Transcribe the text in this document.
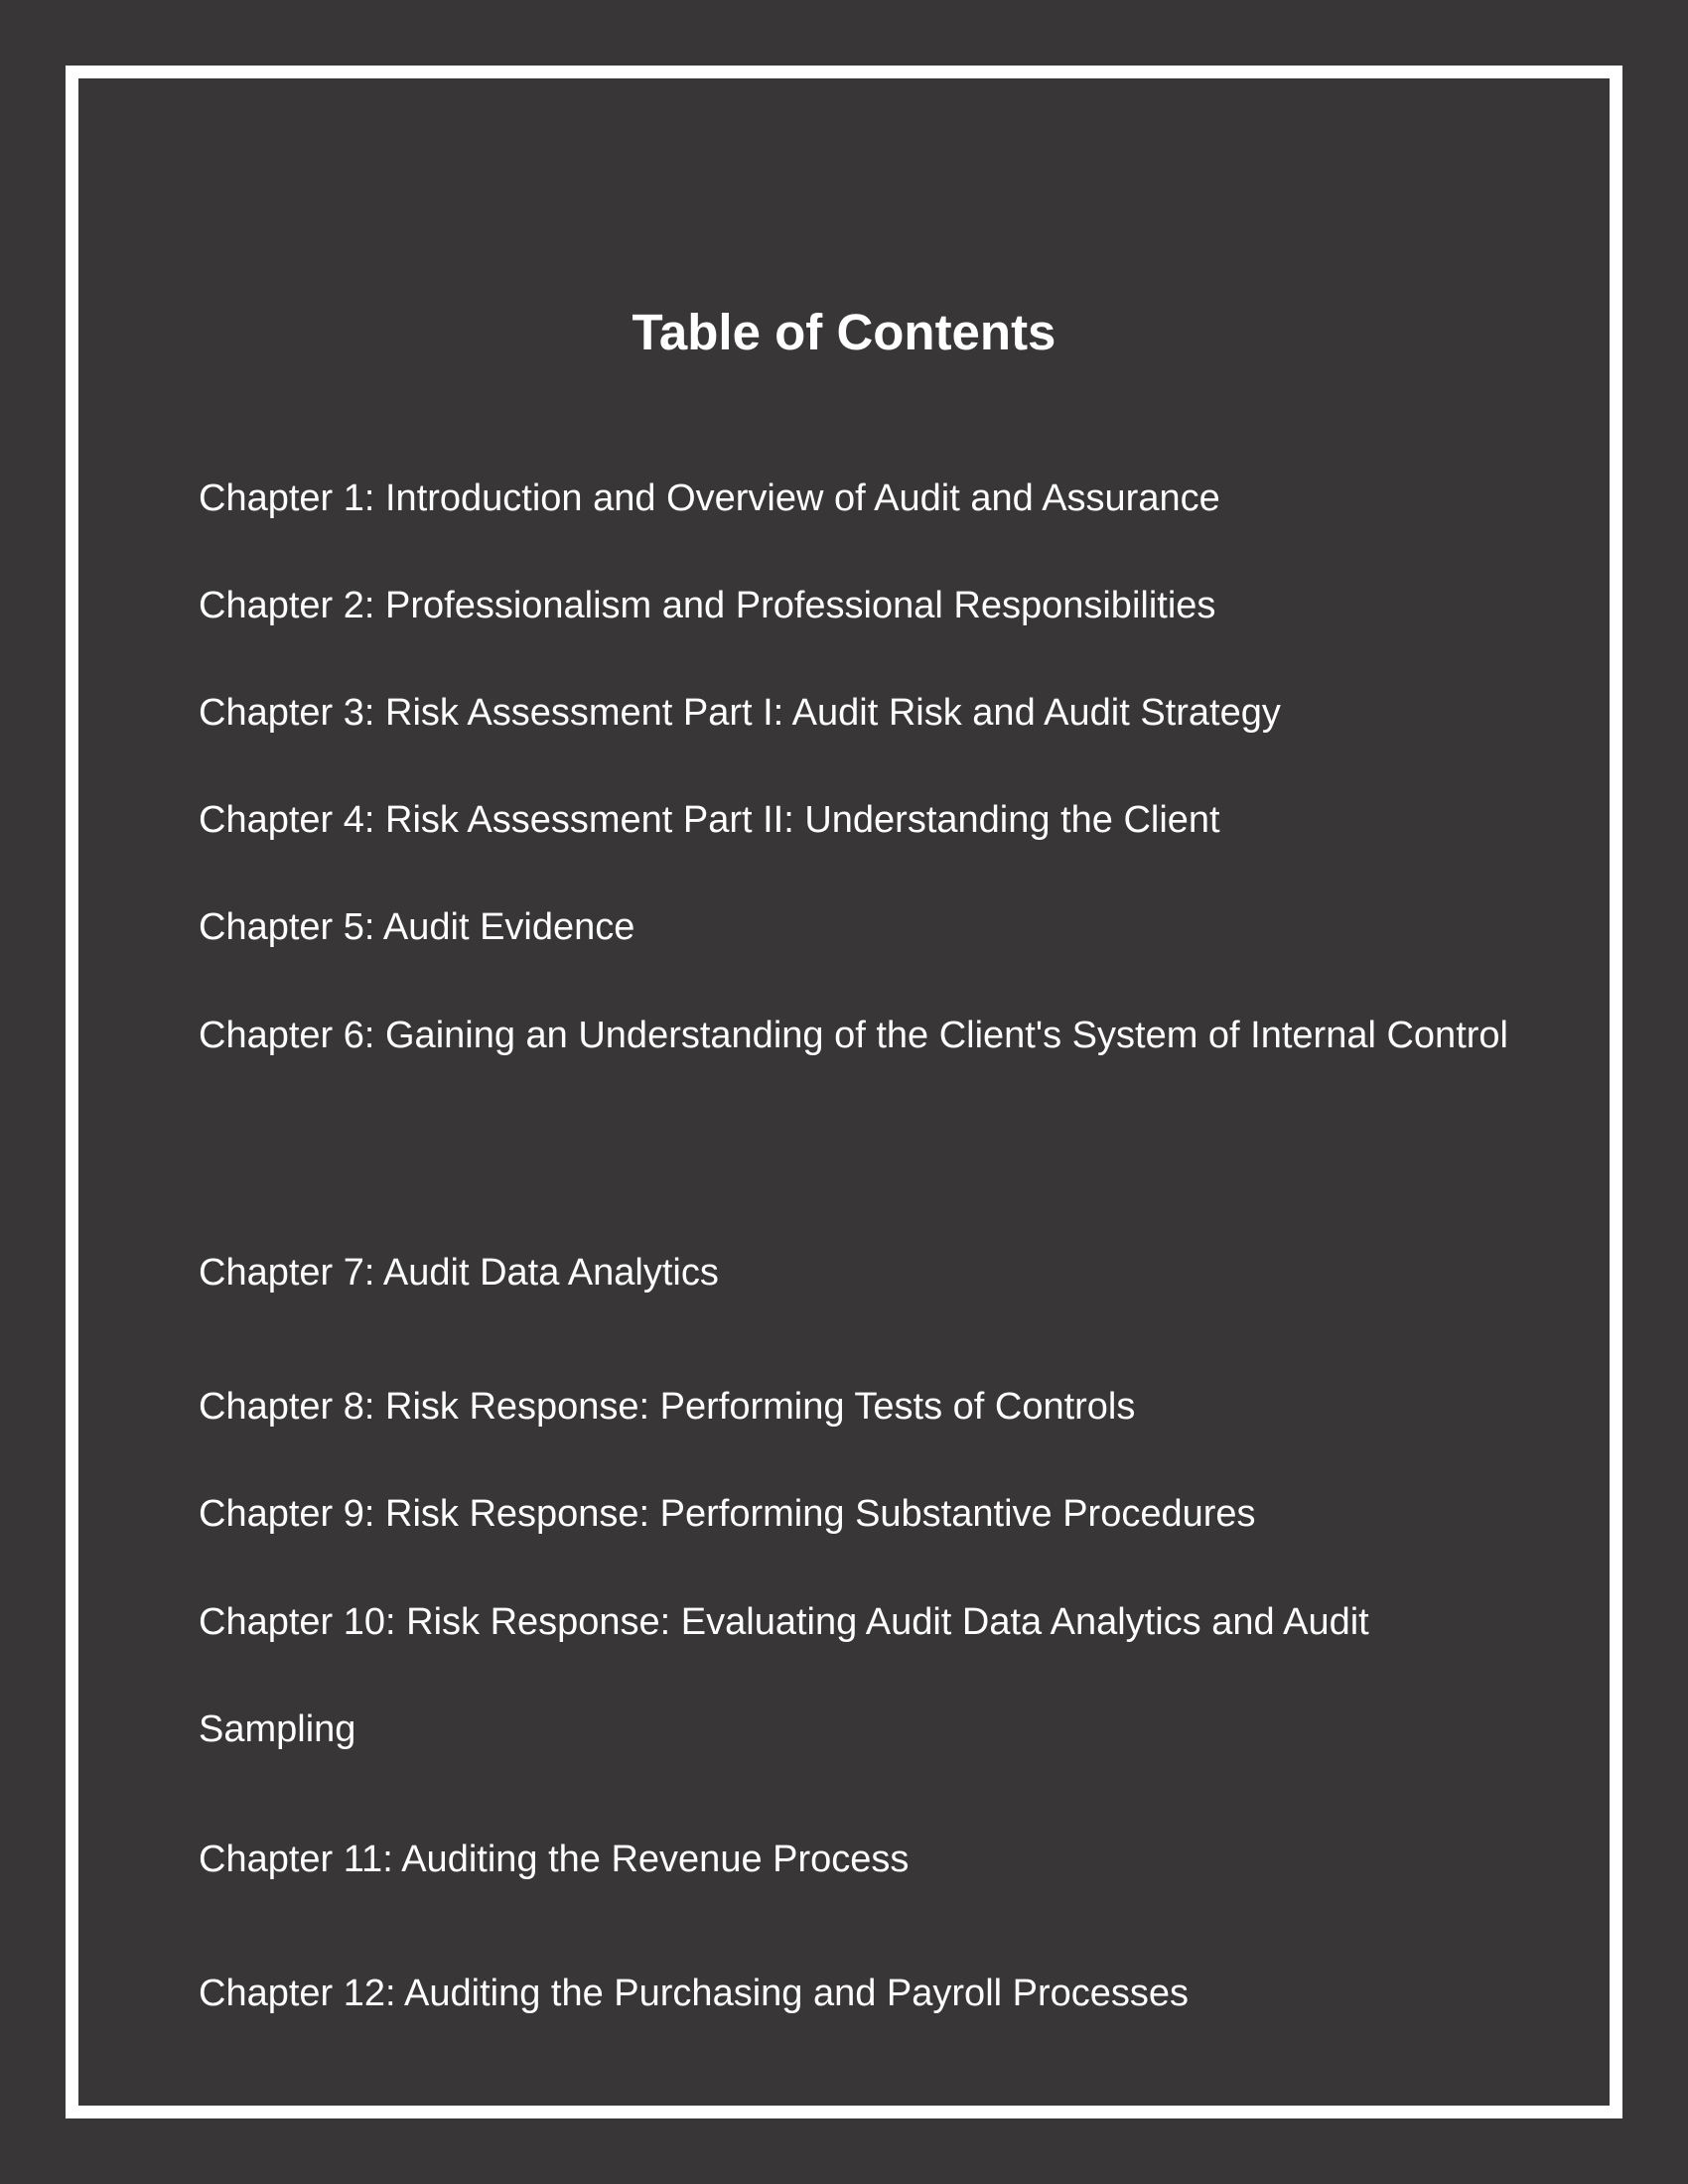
Table of Contents

Chapter 1: Introduction and Overview of Audit and Assurance

Chapter 2: Professionalism and Professional Responsibilities

Chapter 3: Risk Assessment Part I: Audit Risk and Audit Strategy

Chapter 4: Risk Assessment Part II: Understanding the Client

Chapter 5: Audit Evidence

Chapter 6: Gaining an Understanding of the Client's System of Internal Control

Chapter 7: Audit Data Analytics

Chapter 8: Risk Response: Performing Tests of Controls

Chapter 9: Risk Response: Performing Substantive Procedures

Chapter 10: Risk Response: Evaluating Audit Data Analytics and Audit Sampling

Chapter 11: Auditing the Revenue Process

Chapter 12: Auditing the Purchasing and Payroll Processes
